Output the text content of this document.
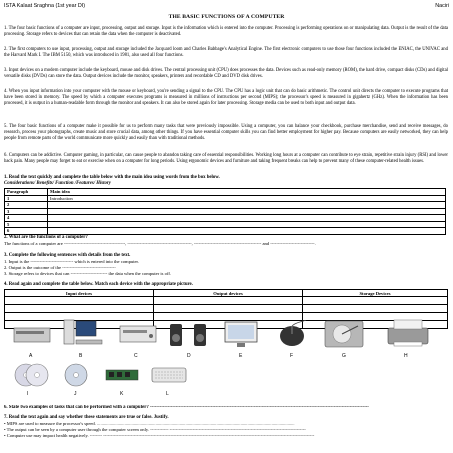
ISTA Kalaat Sraghna (1st year DI)	Naciri
THE BASIC FUNCTIONS OF A COMPUTER
1. The four basic functions of a computer are input, processing, output and storage. Input is the information which is entered into the computer. Processing is performing operations on or manipulating data. Output is the result of the data processing. Storage refers to devices that can retain the data when the computer is deactivated.
2. The first computers to use input, processing, output and storage included the Jacquard loom and Charles Babbage's Analytical Engine. The first electronic computers to use those four functions included the ENIAC, the UNIVAC and the Harvard Mark I. The IBM 5150, which was introduced in 1981, also used all four functions.
3. Input devices on a modern computer include the keyboard, mouse and disk drives. The central processing unit (CPU) does processes the data. Devices such as read-only memory (ROM), the hard drive, compact disks (CDs) and digital versatile disks (DVDs) can store the data. Output devices include the monitor, speakers, printers and recordable CD and DVD disk drives.
4. When you input information into your computer with the mouse or keyboard, you're sending a signal to the CPU. The CPU has a logic unit that can do basic arithmetic. The control unit directs the computer to execute programs that have been stored in memory. The speed by which a computer executes programs is measured in millions of instructions per second (MIPS); the processor's speed is measured in gigahertz (GHz). When the information has been processed, it is output in a human-readable form through the monitor and speakers. It can also be stored again for later processing. Storage media can be used to both input and output data.
5. The four basic functions of a computer make it possible for us to perform many tasks that were previously impossible. Using a computer, you can balance your checkbook, purchase merchandise, send and receive messages, do research, process your photographs, create music and store crucial data, among other things. If you have essential computer skills you can find better employment for higher pay. Because computers are easily networked, they can help people from remote parts of the world communicate more quickly and easily than with traditional methods.
6. Computers can be addictive. Computer gaming, in particular, can cause people to abandon taking care of essential responsibilities. Working long hours at a computer can contribute to eye strain, repetitive strain injury (RSI) and lower back pain. Many people may forget to eat or exercise when on a computer for long periods. Using ergonomic devices and furniture and taking frequent breaks can help to prevent many of these computer-related health issues.
1. Read the text quickly and complete the table below with the main idea using words from the box below.
Considerations/ Benefits/ Function /Features/ History
Paragraph	Main idea
1	Introduction
2	
3	
4	
5	
6	
2. What are the functions of a computer?
The functions of a computer are ----------------------------------------, ------------------------------------------, -------------------------------------------- and -----------------------------.
3. Complete the following sentences with details from the text.
1. Input is the ---------------------------- which is entered into the computer.
2. Output is the outcome of the -----------------------------------
3. Storage refers to devices that can ------------------------ the data when the computer is off.
4. Read again and complete the table below. Match each device with the appropriate picture.
Input devices	Output devices	Storage Devices

A	B	C	D	E	F	G	H
I	J	K	L
6. State two examples of tasks that can be performed with a computer? -----------------------------------------------------------------------------------------------------------------------------------------
7. Read the text again and say whether these statements are true or false. Justify.
• MIPS are used to measure the processor's speed. ............................................................................................................................................................................
• The output can be seen by a computer user through the computer screen only. ------------ -----------------------------------------------------------------------------------------
• Computer use may impact health negatively. -------- ------------------------------------------------------------------------------------------------------------------------------------------
